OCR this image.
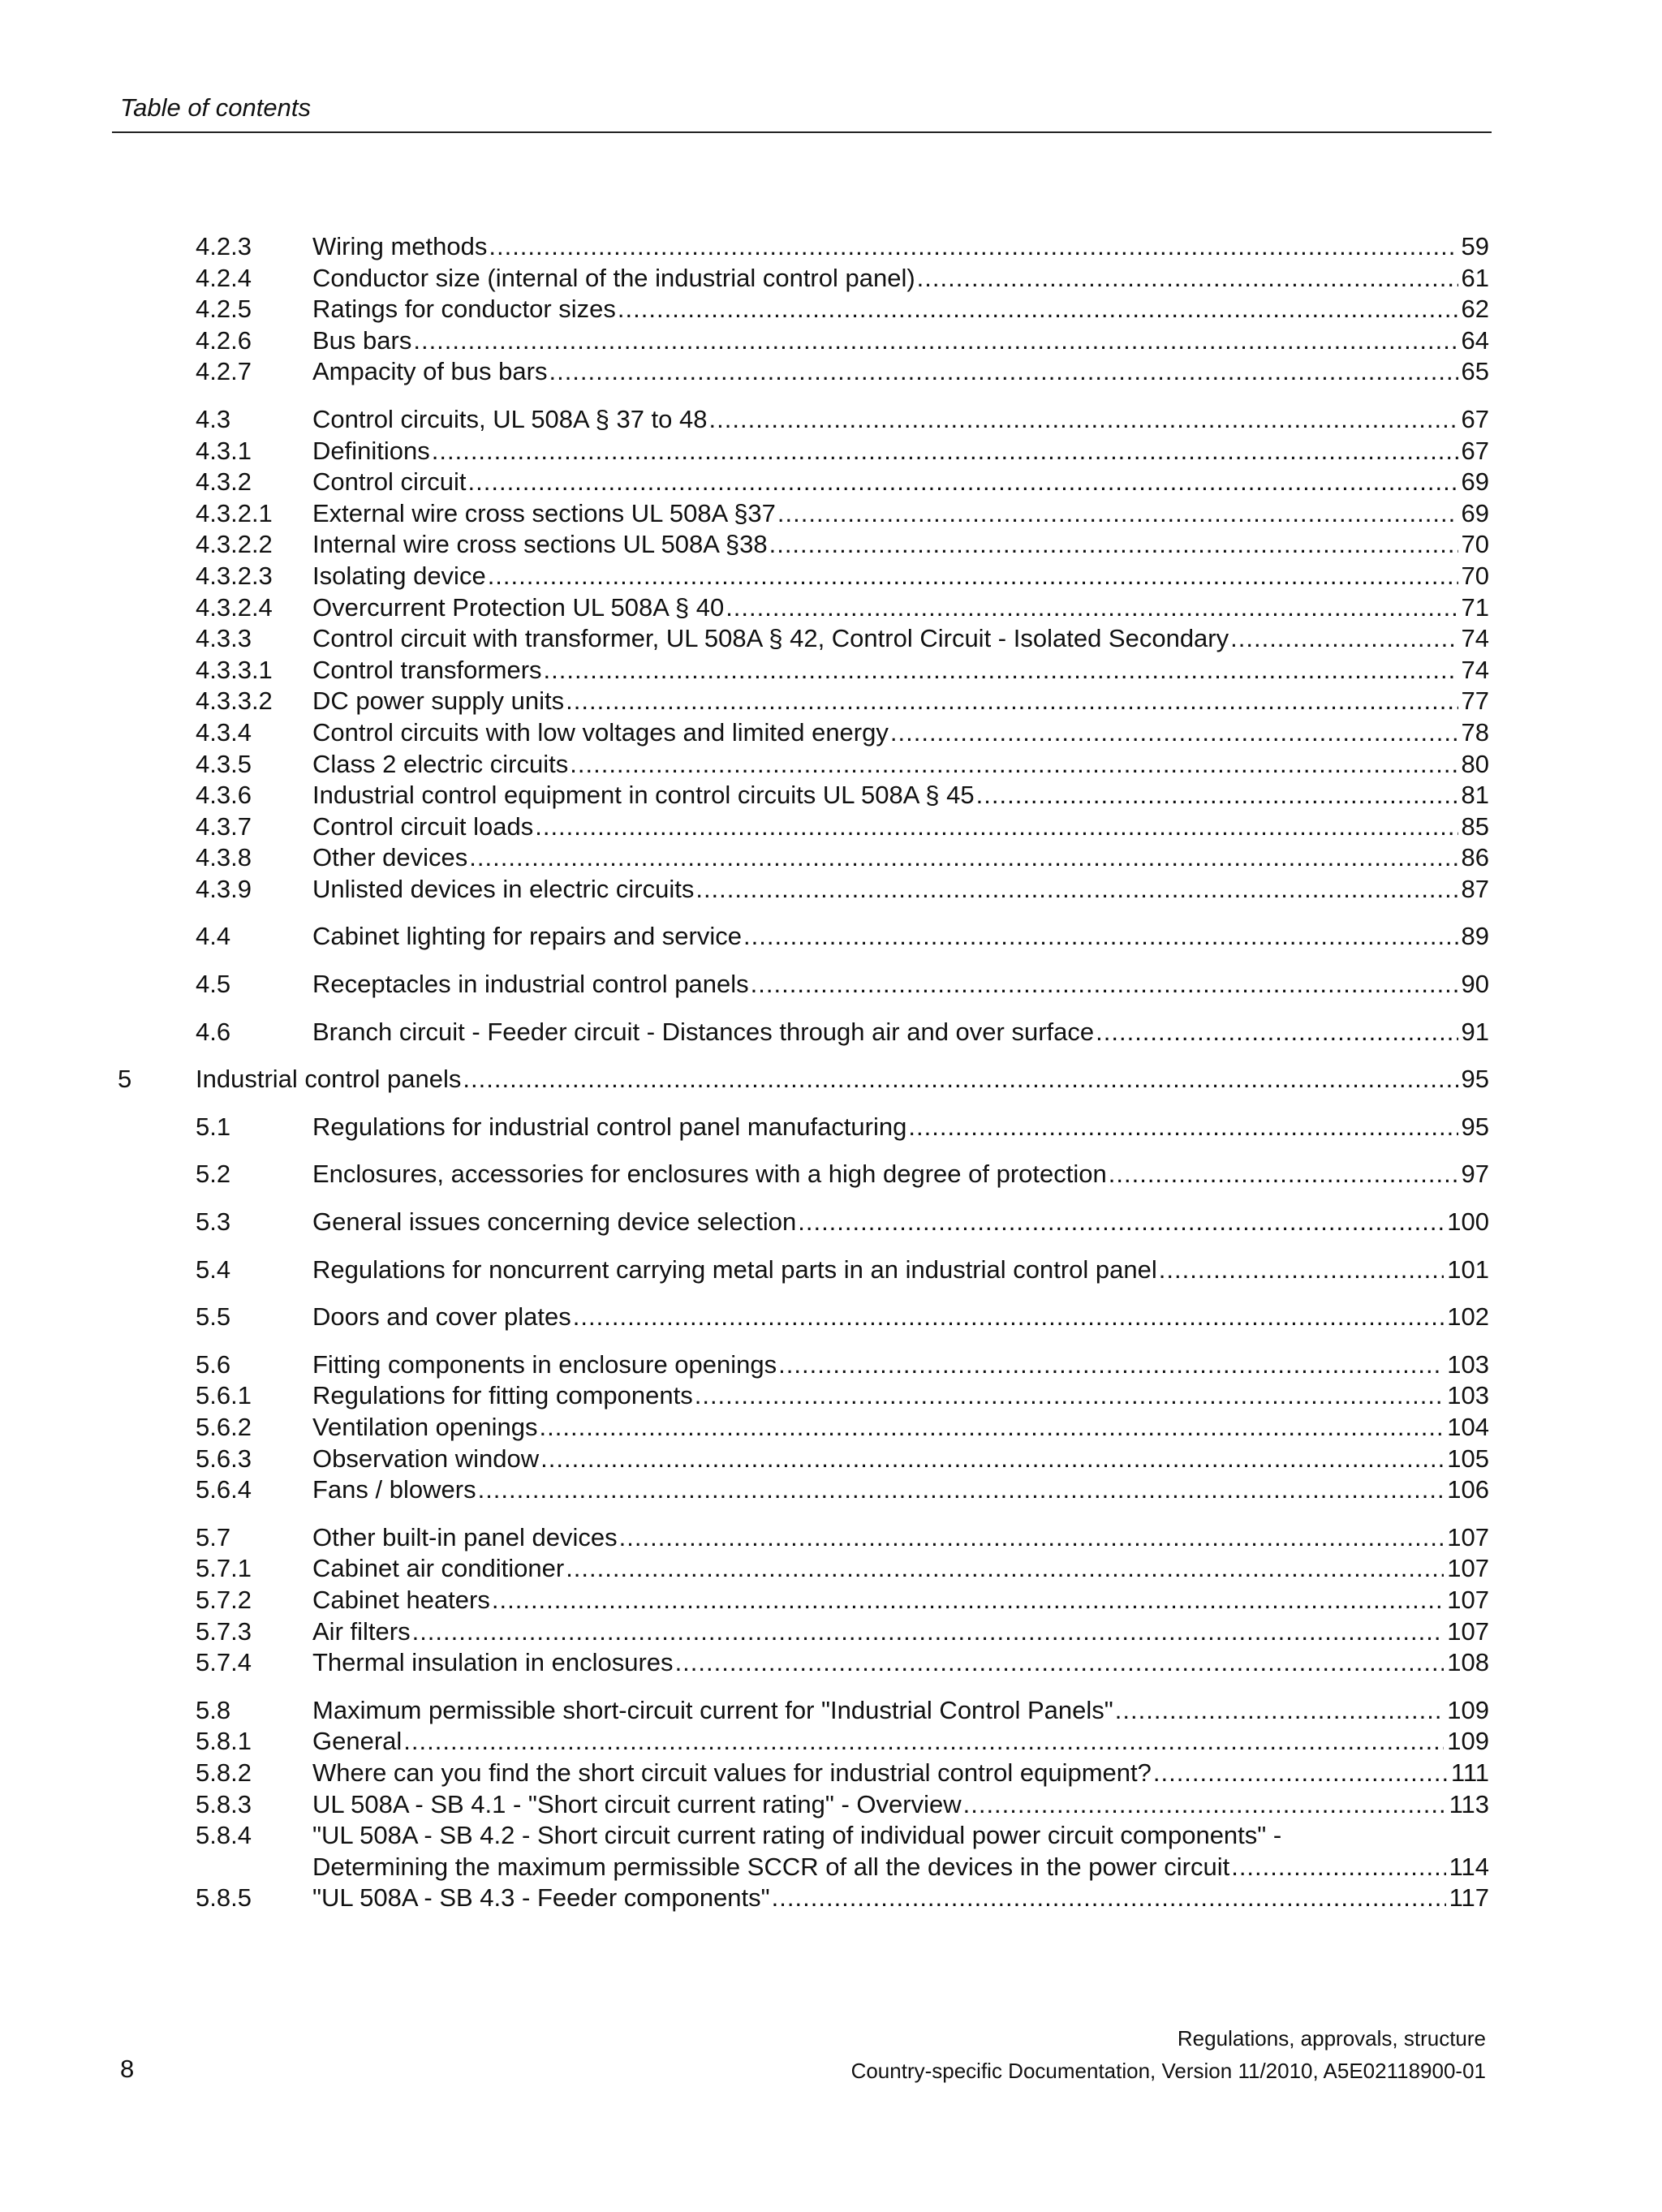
Table of contents
4.2.3 Wiring methods .....	59
4.2.4 Conductor size (internal of the industrial control panel) .....	61
4.2.5 Ratings for conductor sizes .....	62
4.2.6 Bus bars .....	64
4.2.7 Ampacity of bus bars .....	65
4.3	Control circuits, UL 508A § 37 to 48 .....	67
4.3.1 Definitions .....	67
4.3.2 Control circuit .....	69
4.3.2.1 External wire cross sections UL 508A §37 .....	69
4.3.2.2 Internal wire cross sections UL 508A §38 .....	70
4.3.2.3 Isolating device .....	70
4.3.2.4 Overcurrent Protection UL 508A § 40 .....	71
4.3.3 Control circuit with transformer, UL 508A § 42, Control Circuit - Isolated Secondary .....	74
4.3.3.1 Control transformers .....	74
4.3.3.2 DC power supply units .....	77
4.3.4 Control circuits with low voltages and limited energy .....	78
4.3.5 Class 2 electric circuits .....	80
4.3.6 Industrial control equipment in control circuits UL 508A § 45 .....	81
4.3.7 Control circuit loads .....	85
4.3.8 Other devices .....	86
4.3.9 Unlisted devices in electric circuits .....	87
4.4	Cabinet lighting for repairs and service .....	89
4.5	Receptacles in industrial control panels .....	90
4.6	Branch circuit - Feeder circuit - Distances through air and over surface .....	91
5	Industrial control panels .....	95
5.1	Regulations for industrial control panel manufacturing .....	95
5.2	Enclosures, accessories for enclosures with a high degree of protection .....	97
5.3	General issues concerning device selection .....	100
5.4	Regulations for noncurrent carrying metal parts in an industrial control panel .....	101
5.5	Doors and cover plates .....	102
5.6	Fitting components in enclosure openings .....	103
5.6.1 Regulations for fitting components .....	103
5.6.2 Ventilation openings .....	104
5.6.3 Observation window .....	105
5.6.4 Fans / blowers .....	106
5.7	Other built-in panel devices .....	107
5.7.1 Cabinet air conditioner .....	107
5.7.2 Cabinet heaters .....	107
5.7.3 Air filters .....	107
5.7.4 Thermal insulation in enclosures .....	108
5.8	Maximum permissible short-circuit current for "Industrial Control Panels" .....	109
5.8.1 General .....	109
5.8.2 Where can you find the short circuit values for industrial control equipment? .....	111
5.8.3 UL 508A - SB 4.1 - "Short circuit current rating" - Overview .....	113
5.8.4 "UL 508A - SB 4.2 - Short circuit current rating of individual power circuit components" -
Determining the maximum permissible SCCR of all the devices in the power circuit .....	114
5.8.5 "UL 508A - SB 4.3 - Feeder components" .....	117
Regulations, approvals, structure
Country-specific Documentation, Version 11/2010, A5E02118900-01
8
